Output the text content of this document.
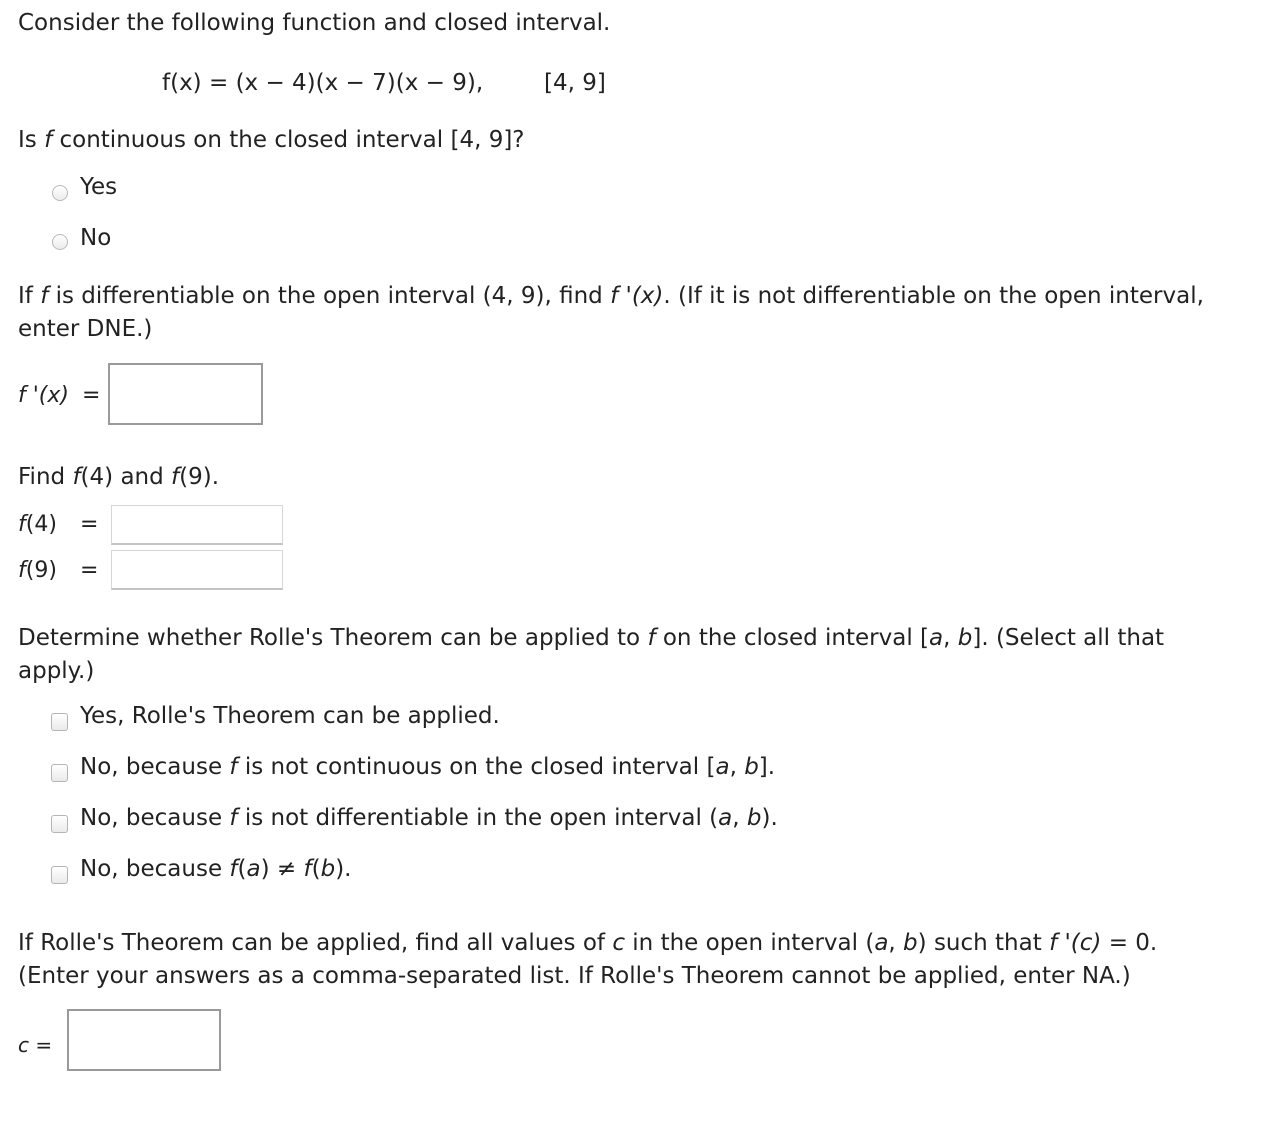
Consider the following function and closed interval.
f(x) = (x − 4)(x − 7)(x − 9),	[4, 9]
Is f continuous on the closed interval [4, 9]?
Yes
No
If f is differentiable on the open interval (4, 9), find f '(x). (If it is not differentiable on the open interval, enter DNE.)
f '(x) =
Find f(4) and f(9).
f(4) =
f(9) =
Determine whether Rolle's Theorem can be applied to f on the closed interval [a, b]. (Select all that apply.)
Yes, Rolle's Theorem can be applied.
No, because f is not continuous on the closed interval [a, b].
No, because f is not differentiable in the open interval (a, b).
No, because f(a) ≠ f(b).
If Rolle's Theorem can be applied, find all values of c in the open interval (a, b) such that f '(c) = 0. (Enter your answers as a comma-separated list. If Rolle's Theorem cannot be applied, enter NA.)
c =
